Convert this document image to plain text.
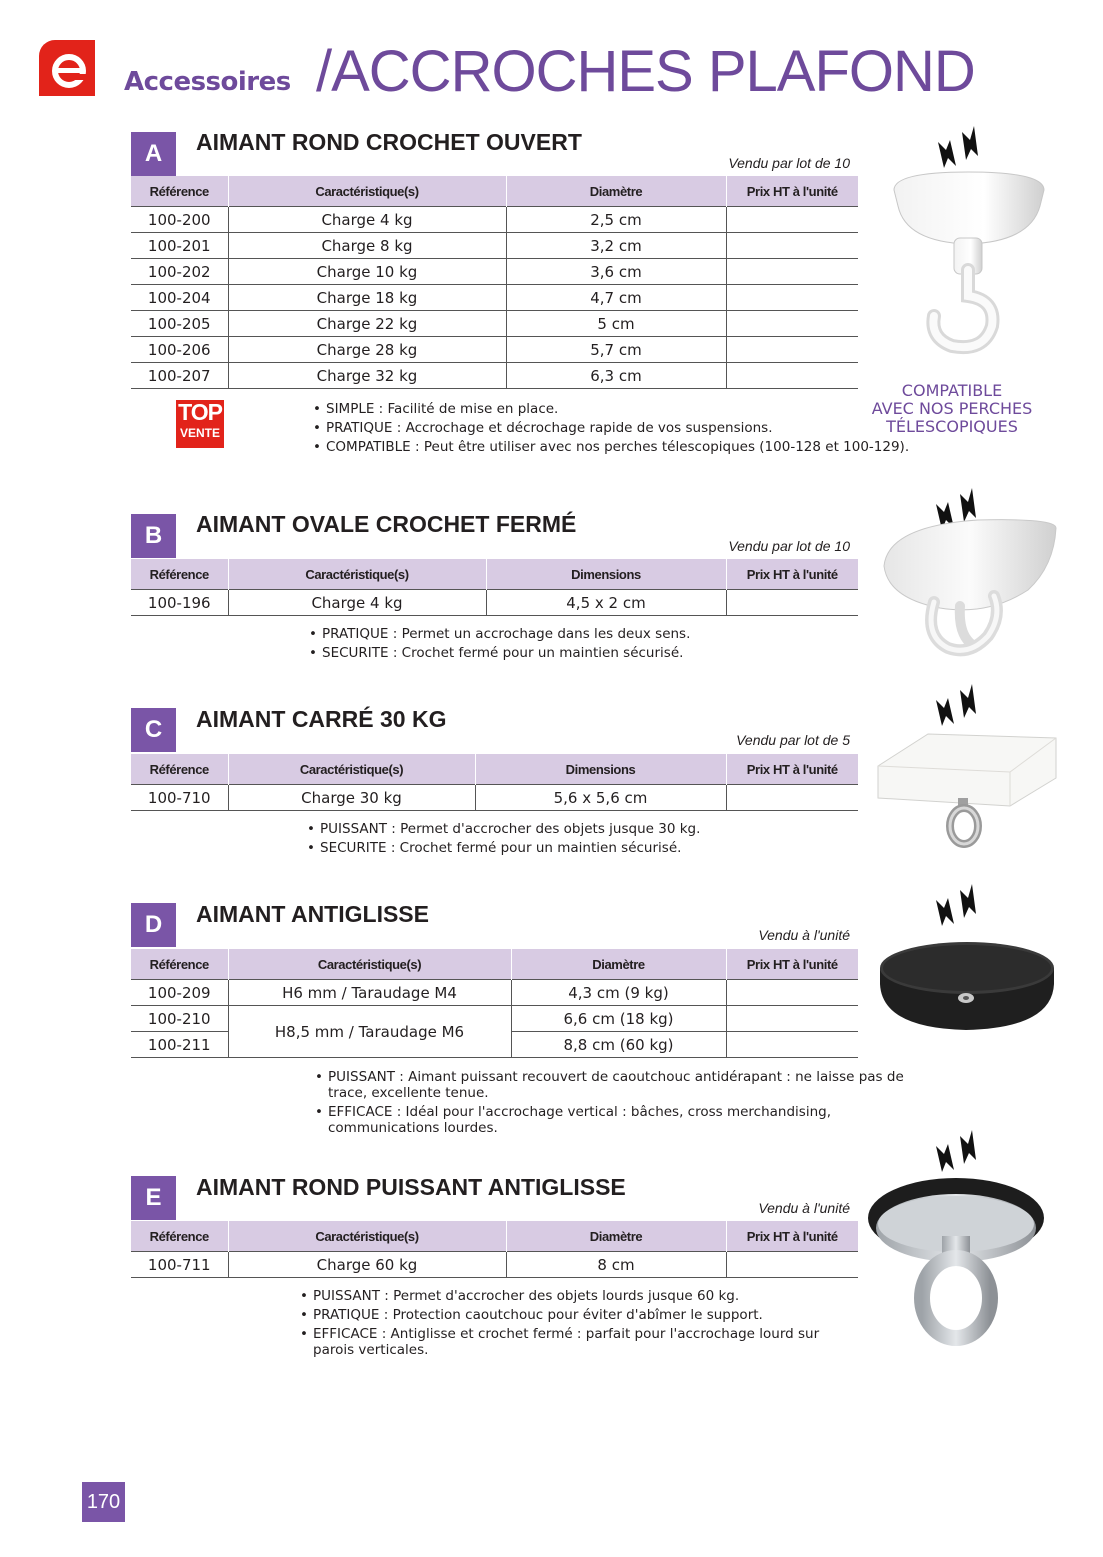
Accessoires /ACCROCHES PLAFOND
A	AIMANT ROND CROCHET OUVERT
Vendu par lot de 10
Référence	Caractéristique(s)	Diamètre	Prix HT à l'unité
100-200	Charge 4 kg	2,5 cm	
100-201	Charge 8 kg	3,2 cm	
100-202	Charge 10 kg	3,6 cm	
100-204	Charge 18 kg	4,7 cm	
100-205	Charge 22 kg	5 cm	
100-206	Charge 28 kg	5,7 cm	
100-207	Charge 32 kg	6,3 cm	
TOP
VENTE
• SIMPLE : Facilité de mise en place.
• PRATIQUE : Accrochage et décrochage rapide de vos suspensions.
• COMPATIBLE : Peut être utiliser avec nos perches télescopiques (100-128 et 100-129).
COMPATIBLE
AVEC NOS PERCHES
TÉLESCOPIQUES
B	AIMANT OVALE CROCHET FERMÉ
Vendu par lot de 10
Référence	Caractéristique(s)	Dimensions	Prix HT à l'unité
100-196	Charge 4 kg	4,5 x 2 cm	
• PRATIQUE : Permet un accrochage dans les deux sens.
• SECURITE : Crochet fermé pour un maintien sécurisé.
C	AIMANT CARRÉ 30 KG
Vendu par lot de 5
Référence	Caractéristique(s)	Dimensions	Prix HT à l'unité
100-710	Charge 30 kg	5,6 x 5,6 cm	
• PUISSANT : Permet d'accrocher des objets jusque 30 kg.
• SECURITE : Crochet fermé pour un maintien sécurisé.
D	AIMANT ANTIGLISSE
Vendu à l'unité
Référence	Caractéristique(s)	Diamètre	Prix HT à l'unité
100-209	H6 mm / Taraudage M4	4,3 cm (9 kg)	
100-210	H8,5 mm / Taraudage M6	6,6 cm (18 kg)	
100-211		8,8 cm (60 kg)	
• PUISSANT : Aimant puissant recouvert de caoutchouc antidérapant : ne laisse pas de trace, excellente tenue.
• EFFICACE : Idéal pour l'accrochage vertical : bâches, cross merchandising, communications lourdes.
E	AIMANT ROND PUISSANT ANTIGLISSE
Vendu à l'unité
Référence	Caractéristique(s)	Diamètre	Prix HT à l'unité
100-711	Charge 60 kg	8 cm	
• PUISSANT : Permet d'accrocher des objets lourds jusque 60 kg.
• PRATIQUE : Protection caoutchouc pour éviter d'abîmer le support.
• EFFICACE : Antiglisse et crochet fermé : parfait pour l'accrochage lourd sur parois verticales.
170
